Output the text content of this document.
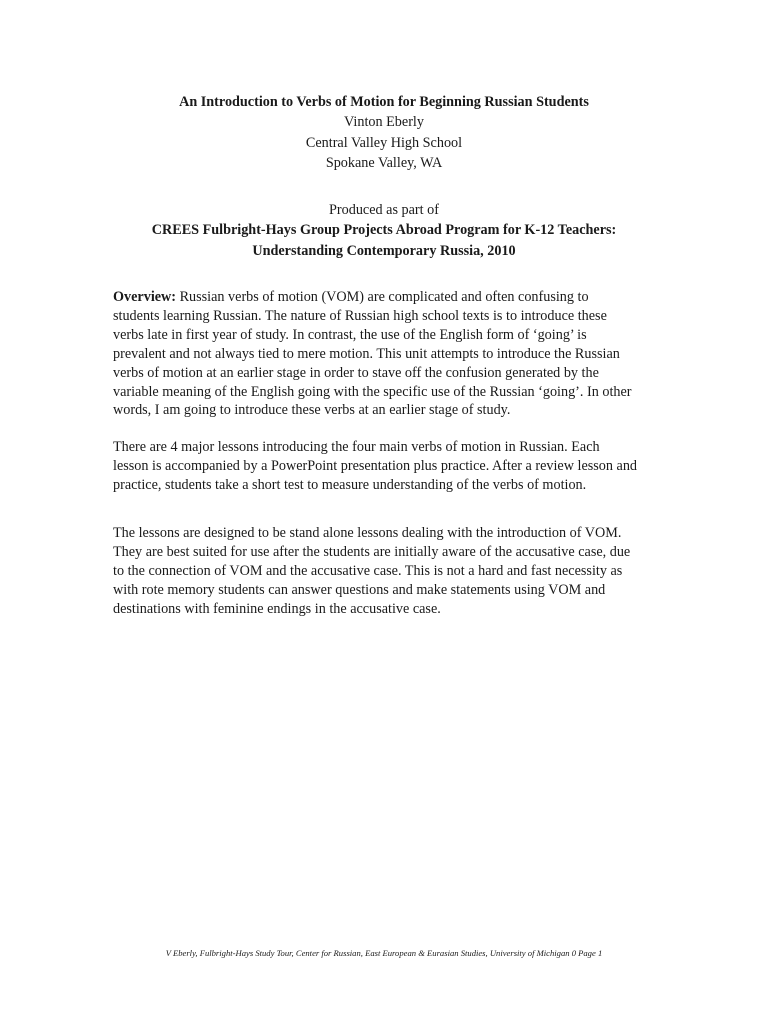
An Introduction to Verbs of Motion for Beginning Russian Students
Vinton Eberly
Central Valley High School
Spokane Valley, WA
Produced as part of
CREES Fulbright-Hays Group Projects Abroad Program for K-12 Teachers:
Understanding Contemporary Russia, 2010
Overview: Russian verbs of motion (VOM) are complicated and often confusing to students learning Russian. The nature of Russian high school texts is to introduce these verbs late in first year of study. In contrast, the use of the English form of ‘going’ is prevalent and not always tied to mere motion. This unit attempts to introduce the Russian verbs of motion at an earlier stage in order to stave off the confusion generated by the variable meaning of the English going with the specific use of the Russian ‘going’. In other words, I am going to introduce these verbs at an earlier stage of study.
There are 4 major lessons introducing the four main verbs of motion in Russian. Each lesson is accompanied by a PowerPoint presentation plus practice. After a review lesson and practice, students take a short test to measure understanding of the verbs of motion.
The lessons are designed to be stand alone lessons dealing with the introduction of VOM. They are best suited for use after the students are initially aware of the accusative case, due to the connection of VOM and the accusative case. This is not a hard and fast necessity as with rote memory students can answer questions and make statements using VOM and destinations with feminine endings in the accusative case.
V Eberly, Fulbright-Hays Study Tour, Center for Russian, East European & Eurasian Studies, University of Michigan 0 Page 1
